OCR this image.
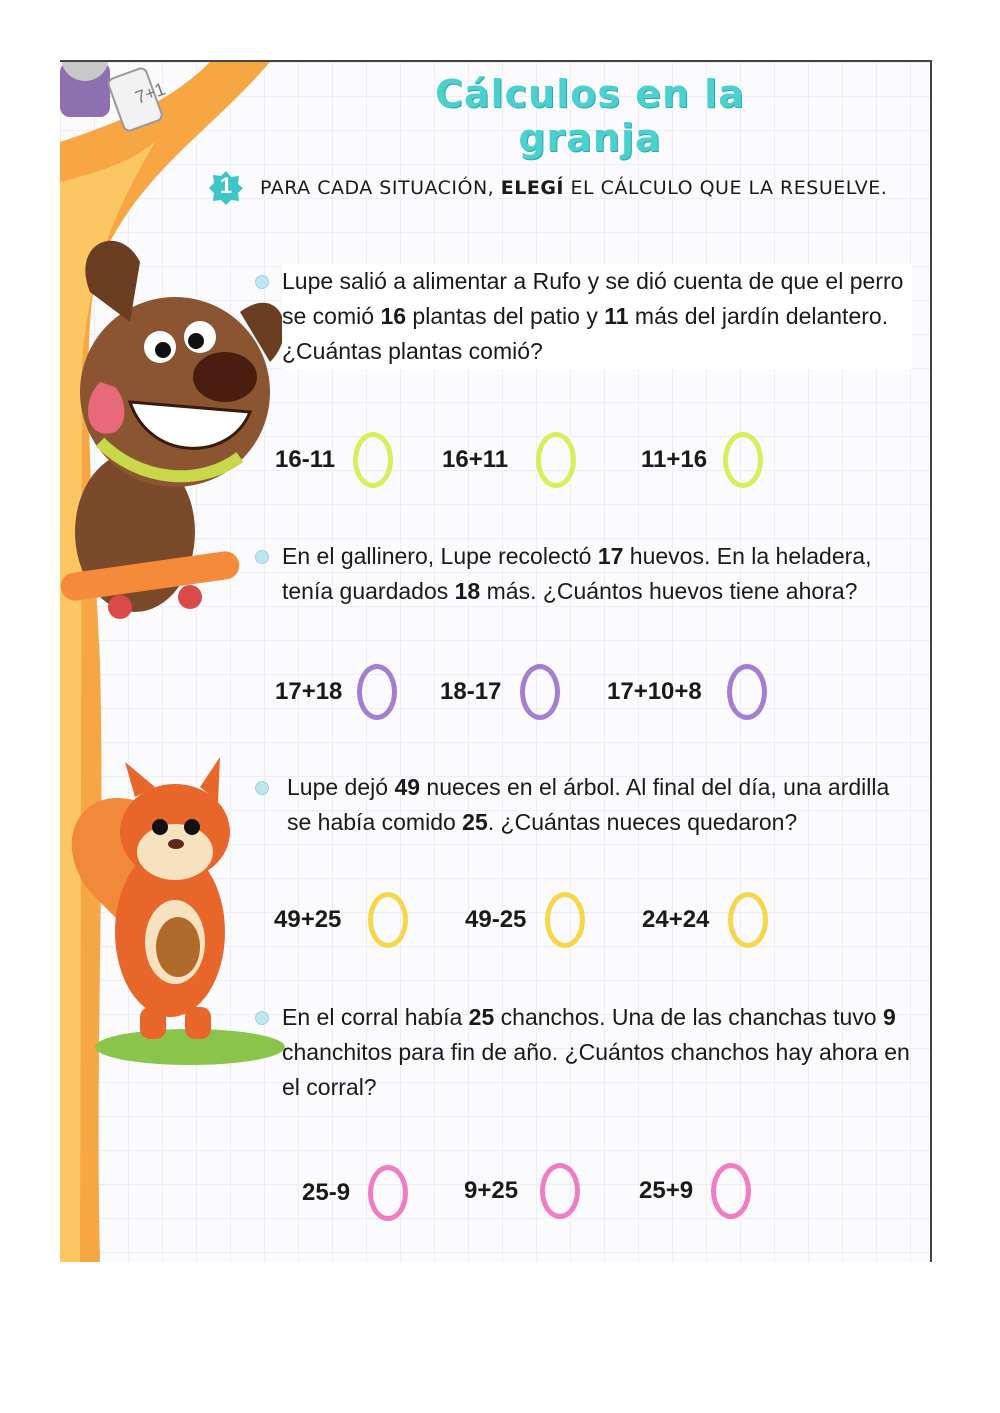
7+1	Cálculos en la granja
1	PARA CADA SITUACIÓN, ELEGÍ EL CÁLCULO QUE LA RESUELVE.

Lupe salió a alimentar a Rufo y se dió cuenta de que el perro se comió 16 plantas del patio y 11 más del jardín delantero. ¿Cuántas plantas comió?
16-11	16+11	11+16
En el gallinero, Lupe recolectó 17 huevos. En la heladera, tenía guardados 18 más. ¿Cuántos huevos tiene ahora?
17+18	18-17	17+10+8
Lupe dejó 49 nueces en el árbol. Al final del día, una ardilla se había comido 25. ¿Cuántas nueces quedaron?
49+25	49-25	24+24
En el corral había 25 chanchos. Una de las chanchas tuvo 9 chanchitos para fin de año. ¿Cuántos chanchos hay ahora en el corral?
25-9	9+25	25+9
